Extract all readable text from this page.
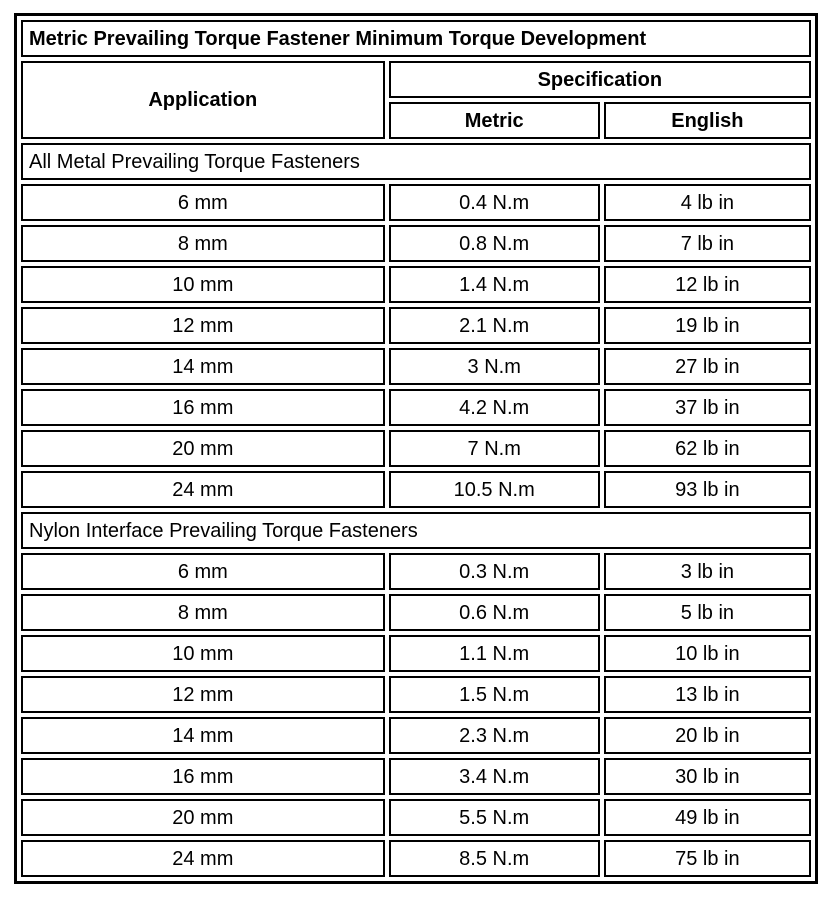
Metric Prevailing Torque Fastener Minimum Torque Development		
Application	Specification	
	Metric	English
All Metal Prevailing Torque Fasteners		
6 mm	0.4 N.m	4 lb in
8 mm	0.8 N.m	7 lb in
10 mm	1.4 N.m	12 lb in
12 mm	2.1 N.m	19 lb in
14 mm	3 N.m	27 lb in
16 mm	4.2 N.m	37 lb in
20 mm	7 N.m	62 lb in
24 mm	10.5 N.m	93 lb in
Nylon Interface Prevailing Torque Fasteners		
6 mm	0.3 N.m	3 lb in
8 mm	0.6 N.m	5 lb in
10 mm	1.1 N.m	10 lb in
12 mm	1.5 N.m	13 lb in
14 mm	2.3 N.m	20 lb in
16 mm	3.4 N.m	30 lb in
20 mm	5.5 N.m	49 lb in
24 mm	8.5 N.m	75 lb in
